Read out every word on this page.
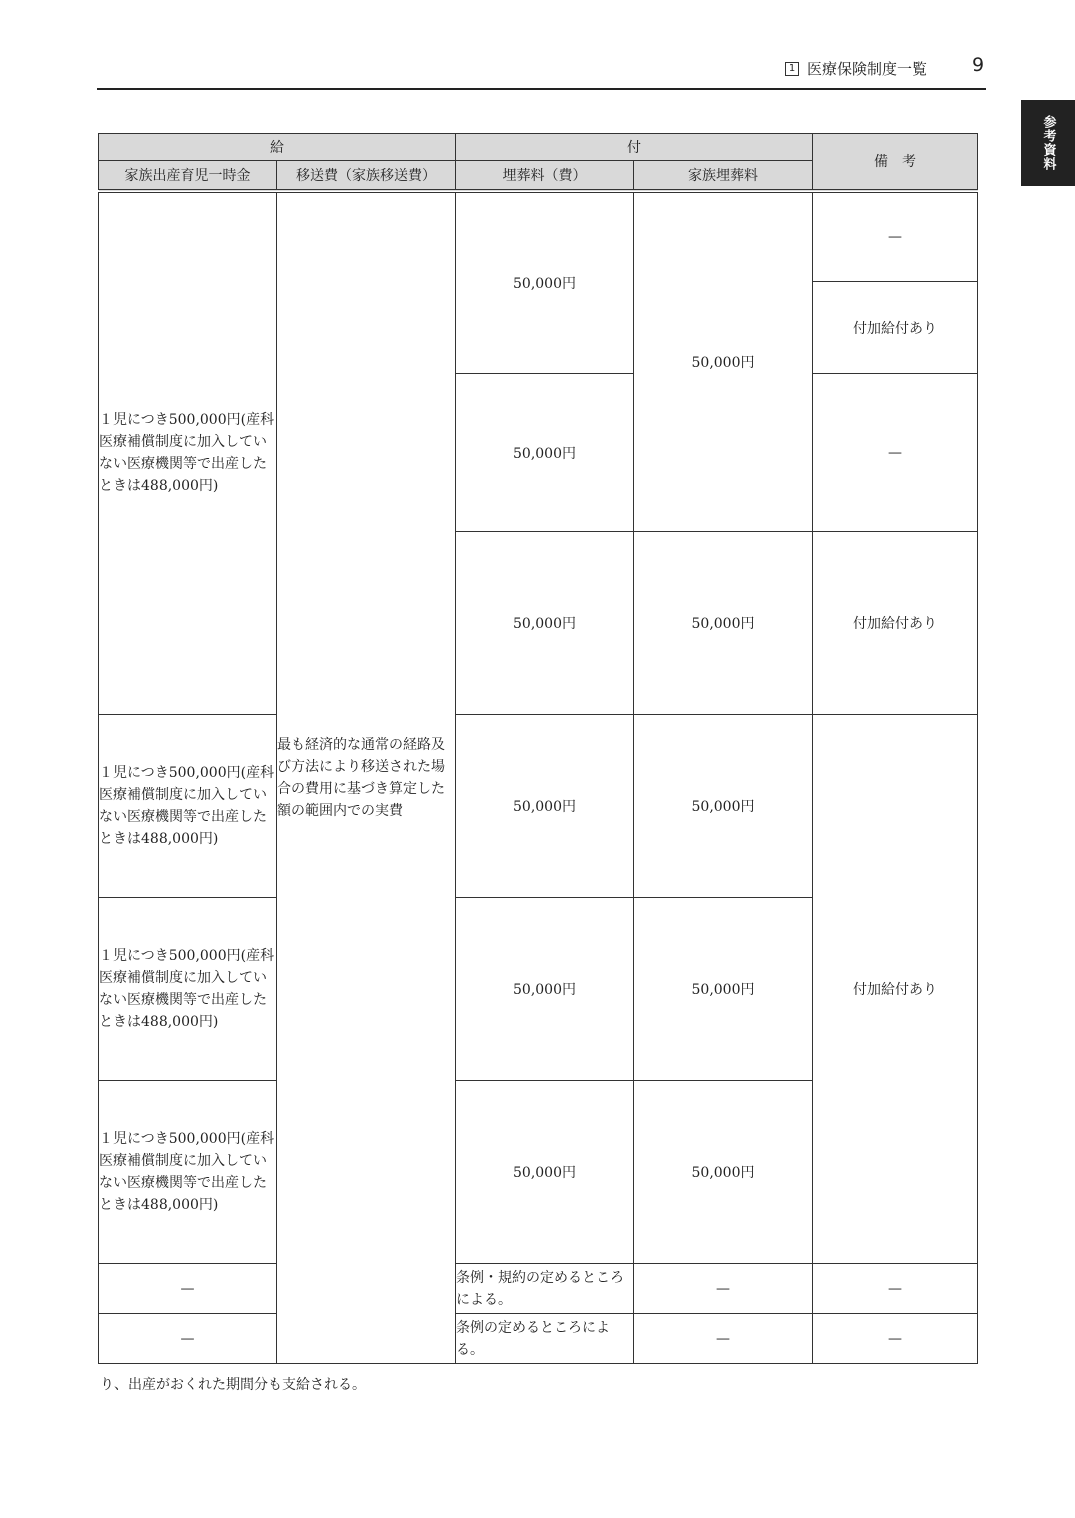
1 医療保険制度一覧 9
参考資料
給		付		備　考
家族出産育児一時金	移送費（家族移送費）	埋葬料（費）	家族埋葬料	
１児につき500,000円(産科医療補償制度に加入していない医療機関等で出産したときは488,000円)	最も経済的な通常の経路及び方法により移送された場合の費用に基づき算定した額の範囲内での実費	50,000円	50,000円	—
				付加給付あり
		50,000円		—
		50,000円	50,000円	付加給付あり
１児につき500,000円(産科医療補償制度に加入していない医療機関等で出産したときは488,000円)		50,000円	50,000円	付加給付あり
１児につき500,000円(産科医療補償制度に加入していない医療機関等で出産したときは488,000円)		50,000円	50,000円	
１児につき500,000円(産科医療補償制度に加入していない医療機関等で出産したときは488,000円)		50,000円	50,000円	
—		条例・規約の定めるところによる。	—	—
—		条例の定めるところによる。	—	—
り、出産がおくれた期間分も支給される。
